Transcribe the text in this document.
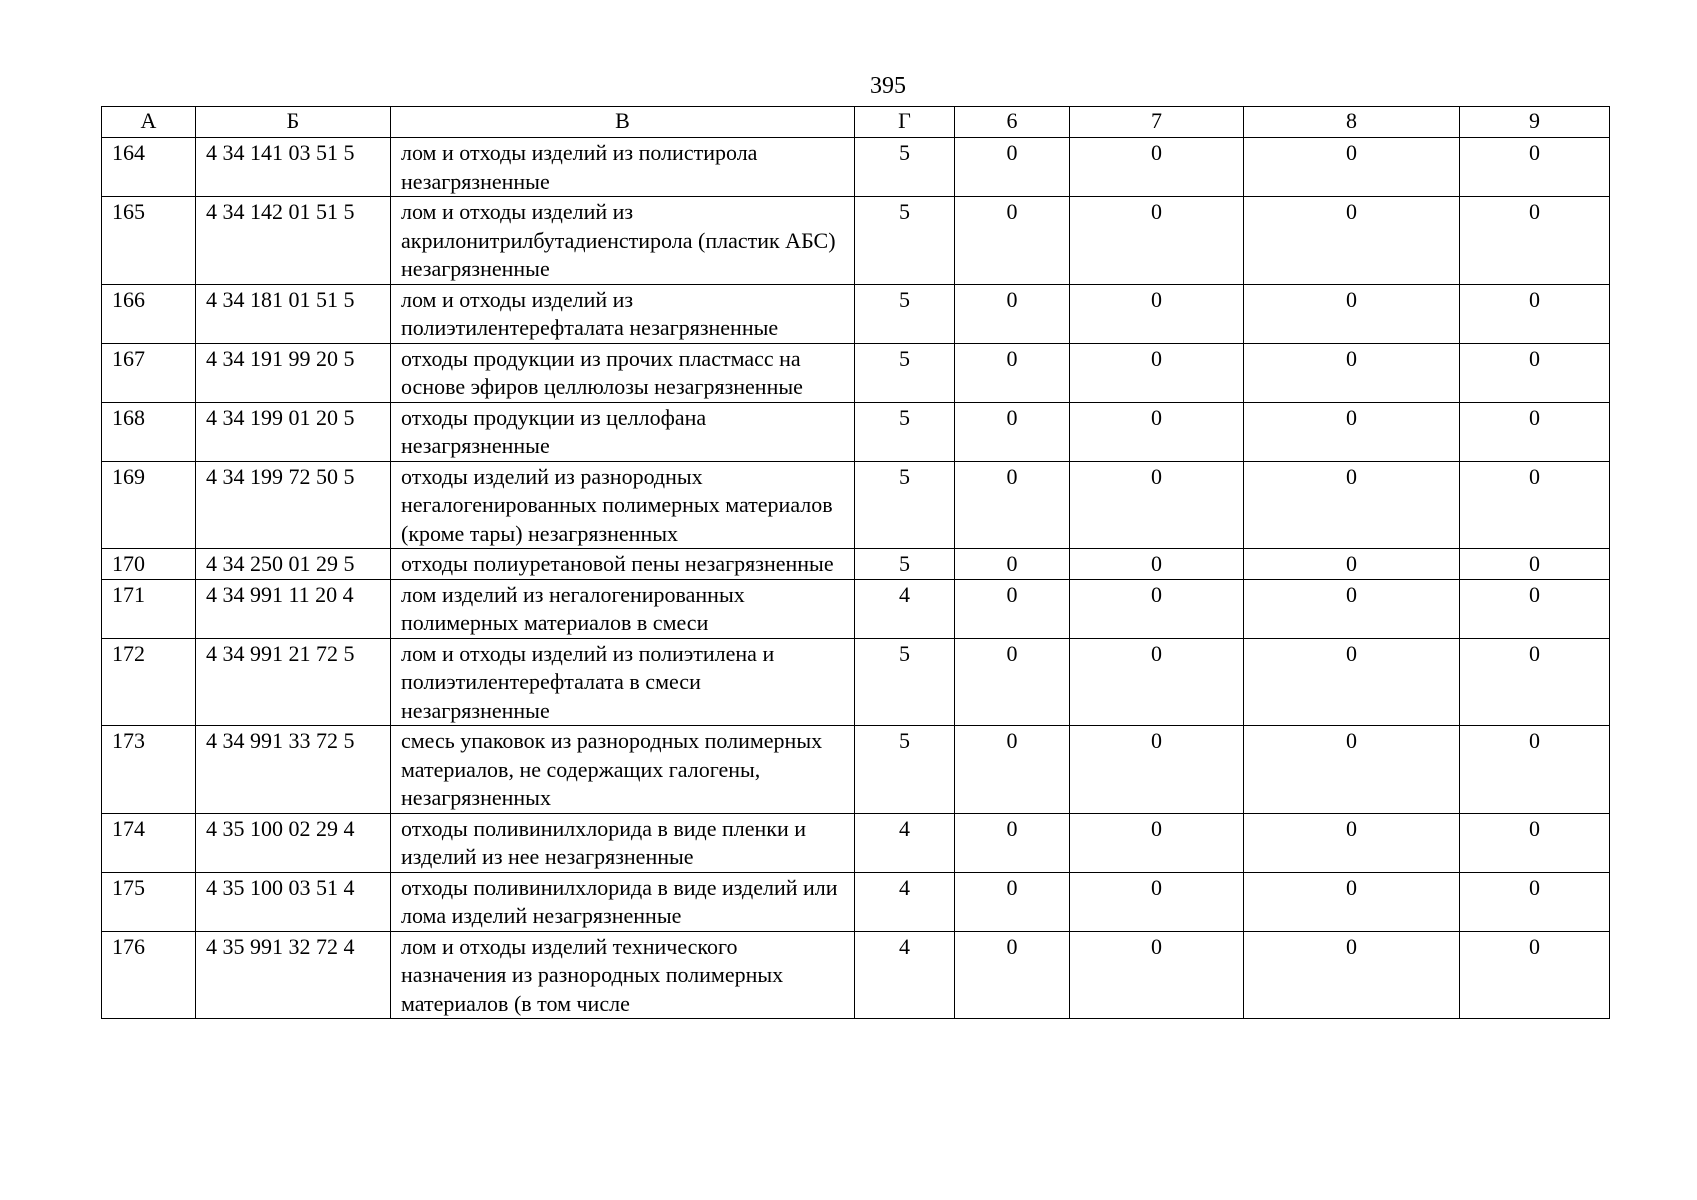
395
А	Б	В	Г	6	7	8	9
164	4 34 141 03 51 5	лом и отходы изделий из полистирола незагрязненные	5	0	0	0	0
165	4 34 142 01 51 5	лом и отходы изделий из акрилонитрилбутадиенстирола (пластик АБС) незагрязненные	5	0	0	0	0
166	4 34 181 01 51 5	лом и отходы изделий из полиэтилентерефталата незагрязненные	5	0	0	0	0
167	4 34 191 99 20 5	отходы продукции из прочих пластмасс на основе эфиров целлюлозы незагрязненные	5	0	0	0	0
168	4 34 199 01 20 5	отходы продукции из целлофана незагрязненные	5	0	0	0	0
169	4 34 199 72 50 5	отходы изделий из разнородных негалогенированных полимерных материалов (кроме тары) незагрязненных	5	0	0	0	0
170	4 34 250 01 29 5	отходы полиуретановой пены незагрязненные	5	0	0	0	0
171	4 34 991 11 20 4	лом изделий из негалогенированных полимерных материалов в смеси	4	0	0	0	0
172	4 34 991 21 72 5	лом и отходы изделий из полиэтилена и полиэтилентерефталата в смеси незагрязненные	5	0	0	0	0
173	4 34 991 33 72 5	смесь упаковок из разнородных полимерных материалов, не содержащих галогены, незагрязненных	5	0	0	0	0
174	4 35 100 02 29 4	отходы поливинилхлорида в виде пленки и изделий из нее незагрязненные	4	0	0	0	0
175	4 35 100 03 51 4	отходы поливинилхлорида в виде изделий или лома изделий незагрязненные	4	0	0	0	0
176	4 35 991 32 72 4	лом и отходы изделий технического назначения из разнородных полимерных материалов (в том числе	4	0	0	0	0
